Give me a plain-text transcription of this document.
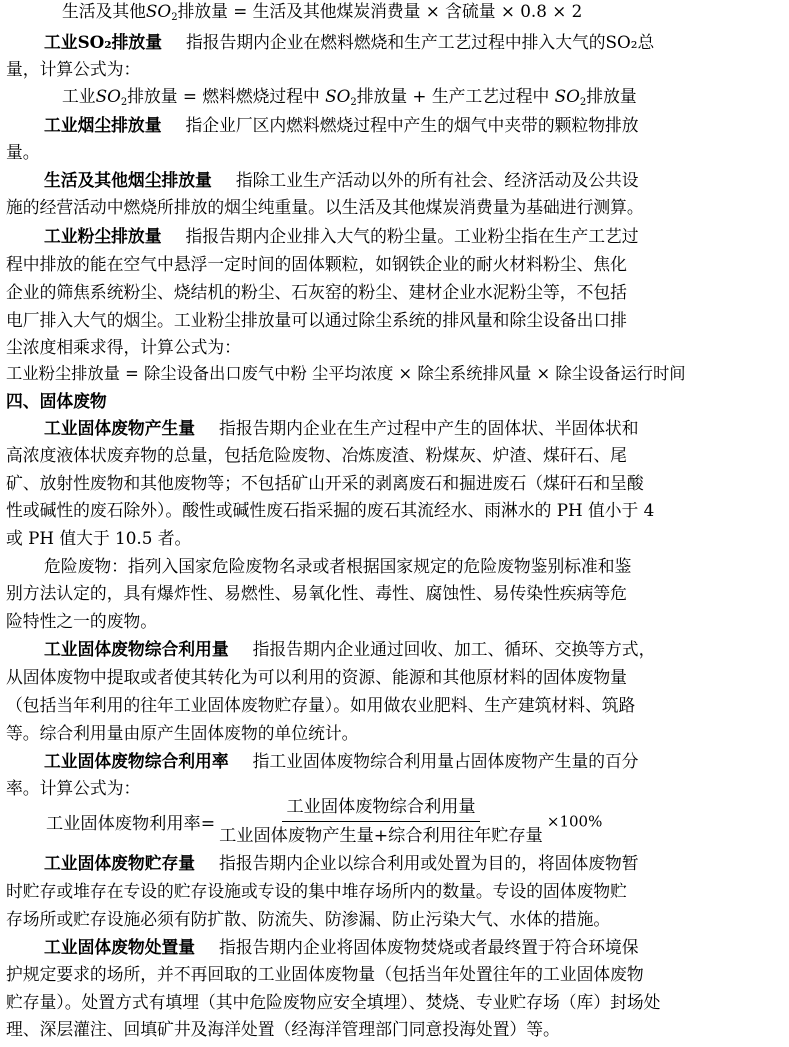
生活及其他$SO_2$排放量 = 生活及其他煤炭消费量 × 含硫量 × 0.8 × 2
工业SO₂排放量 指报告期内企业在燃料燃烧和生产工艺过程中排入大气的SO₂总
量，计算公式为：
工业$SO_2$排放量 = 燃料燃烧过程中 $SO_2$排放量 + 生产工艺过程中 $SO_2$排放量
工业烟尘排放量 指企业厂区内燃料燃烧过程中产生的烟气中夹带的颗粒物排放
量。
生活及其他烟尘排放量 指除工业生产活动以外的所有社会、经济活动及公共设
施的经营活动中燃烧所排放的烟尘纯重量。以生活及其他煤炭消费量为基础进行测算。
工业粉尘排放量 指报告期内企业排入大气的粉尘量。工业粉尘指在生产工艺过
程中排放的能在空气中悬浮一定时间的固体颗粒，如钢铁企业的耐火材料粉尘、焦化
企业的筛焦系统粉尘、烧结机的粉尘、石灰窑的粉尘、建材企业水泥粉尘等，不包括
电厂排入大气的烟尘。工业粉尘排放量可以通过除尘系统的排风量和除尘设备出口排
尘浓度相乘求得，计算公式为：
工业粉尘排放量 = 除尘设备出口废气中粉 尘平均浓度 × 除尘系统排风量 × 除尘设备运行时间
四、固体废物
工业固体废物产生量 指报告期内企业在生产过程中产生的固体状、半固体状和
高浓度液体状废弃物的总量，包括危险废物、冶炼废渣、粉煤灰、炉渣、煤矸石、尾
矿、放射性废物和其他废物等；不包括矿山开采的剥离废石和掘进废石（煤矸石和呈酸
性或碱性的废石除外）。酸性或碱性废石指采掘的废石其流经水、雨淋水的 PH 值小于 4
或 PH 值大于 10.5 者。
危险废物：指列入国家危险废物名录或者根据国家规定的危险废物鉴别标准和鉴
别方法认定的，具有爆炸性、易燃性、易氧化性、毒性、腐蚀性、易传染性疾病等危
险特性之一的废物。
工业固体废物综合利用量 指报告期内企业通过回收、加工、循环、交换等方式，
从固体废物中提取或者使其转化为可以利用的资源、能源和其他原材料的固体废物量
（包括当年利用的往年工业固体废物贮存量）。如用做农业肥料、生产建筑材料、筑路
等。综合利用量由原产生固体废物的单位统计。
工业固体废物综合利用率 指工业固体废物综合利用量占固体废物产生量的百分
率。计算公式为：
工业固体废物利用率= $\frac{\text{工业固体废物综合利用量}}{\text{工业固体废物产生量+综合利用往年贮存量}} \times 100\%$
工业固体废物贮存量 指报告期内企业以综合利用或处置为目的，将固体废物暂
时贮存或堆存在专设的贮存设施或专设的集中堆存场所内的数量。专设的固体废物贮
存场所或贮存设施必须有防扩散、防流失、防渗漏、防止污染大气、水体的措施。
工业固体废物处置量 指报告期内企业将固体废物焚烧或者最终置于符合环境保
护规定要求的场所，并不再回取的工业固体废物量（包括当年处置往年的工业固体废物
贮存量）。处置方式有填埋（其中危险废物应安全填埋）、焚烧、专业贮存场（库）封场处
理、深层灌注、回填矿井及海洋处置（经海洋管理部门同意投海处置）等。
